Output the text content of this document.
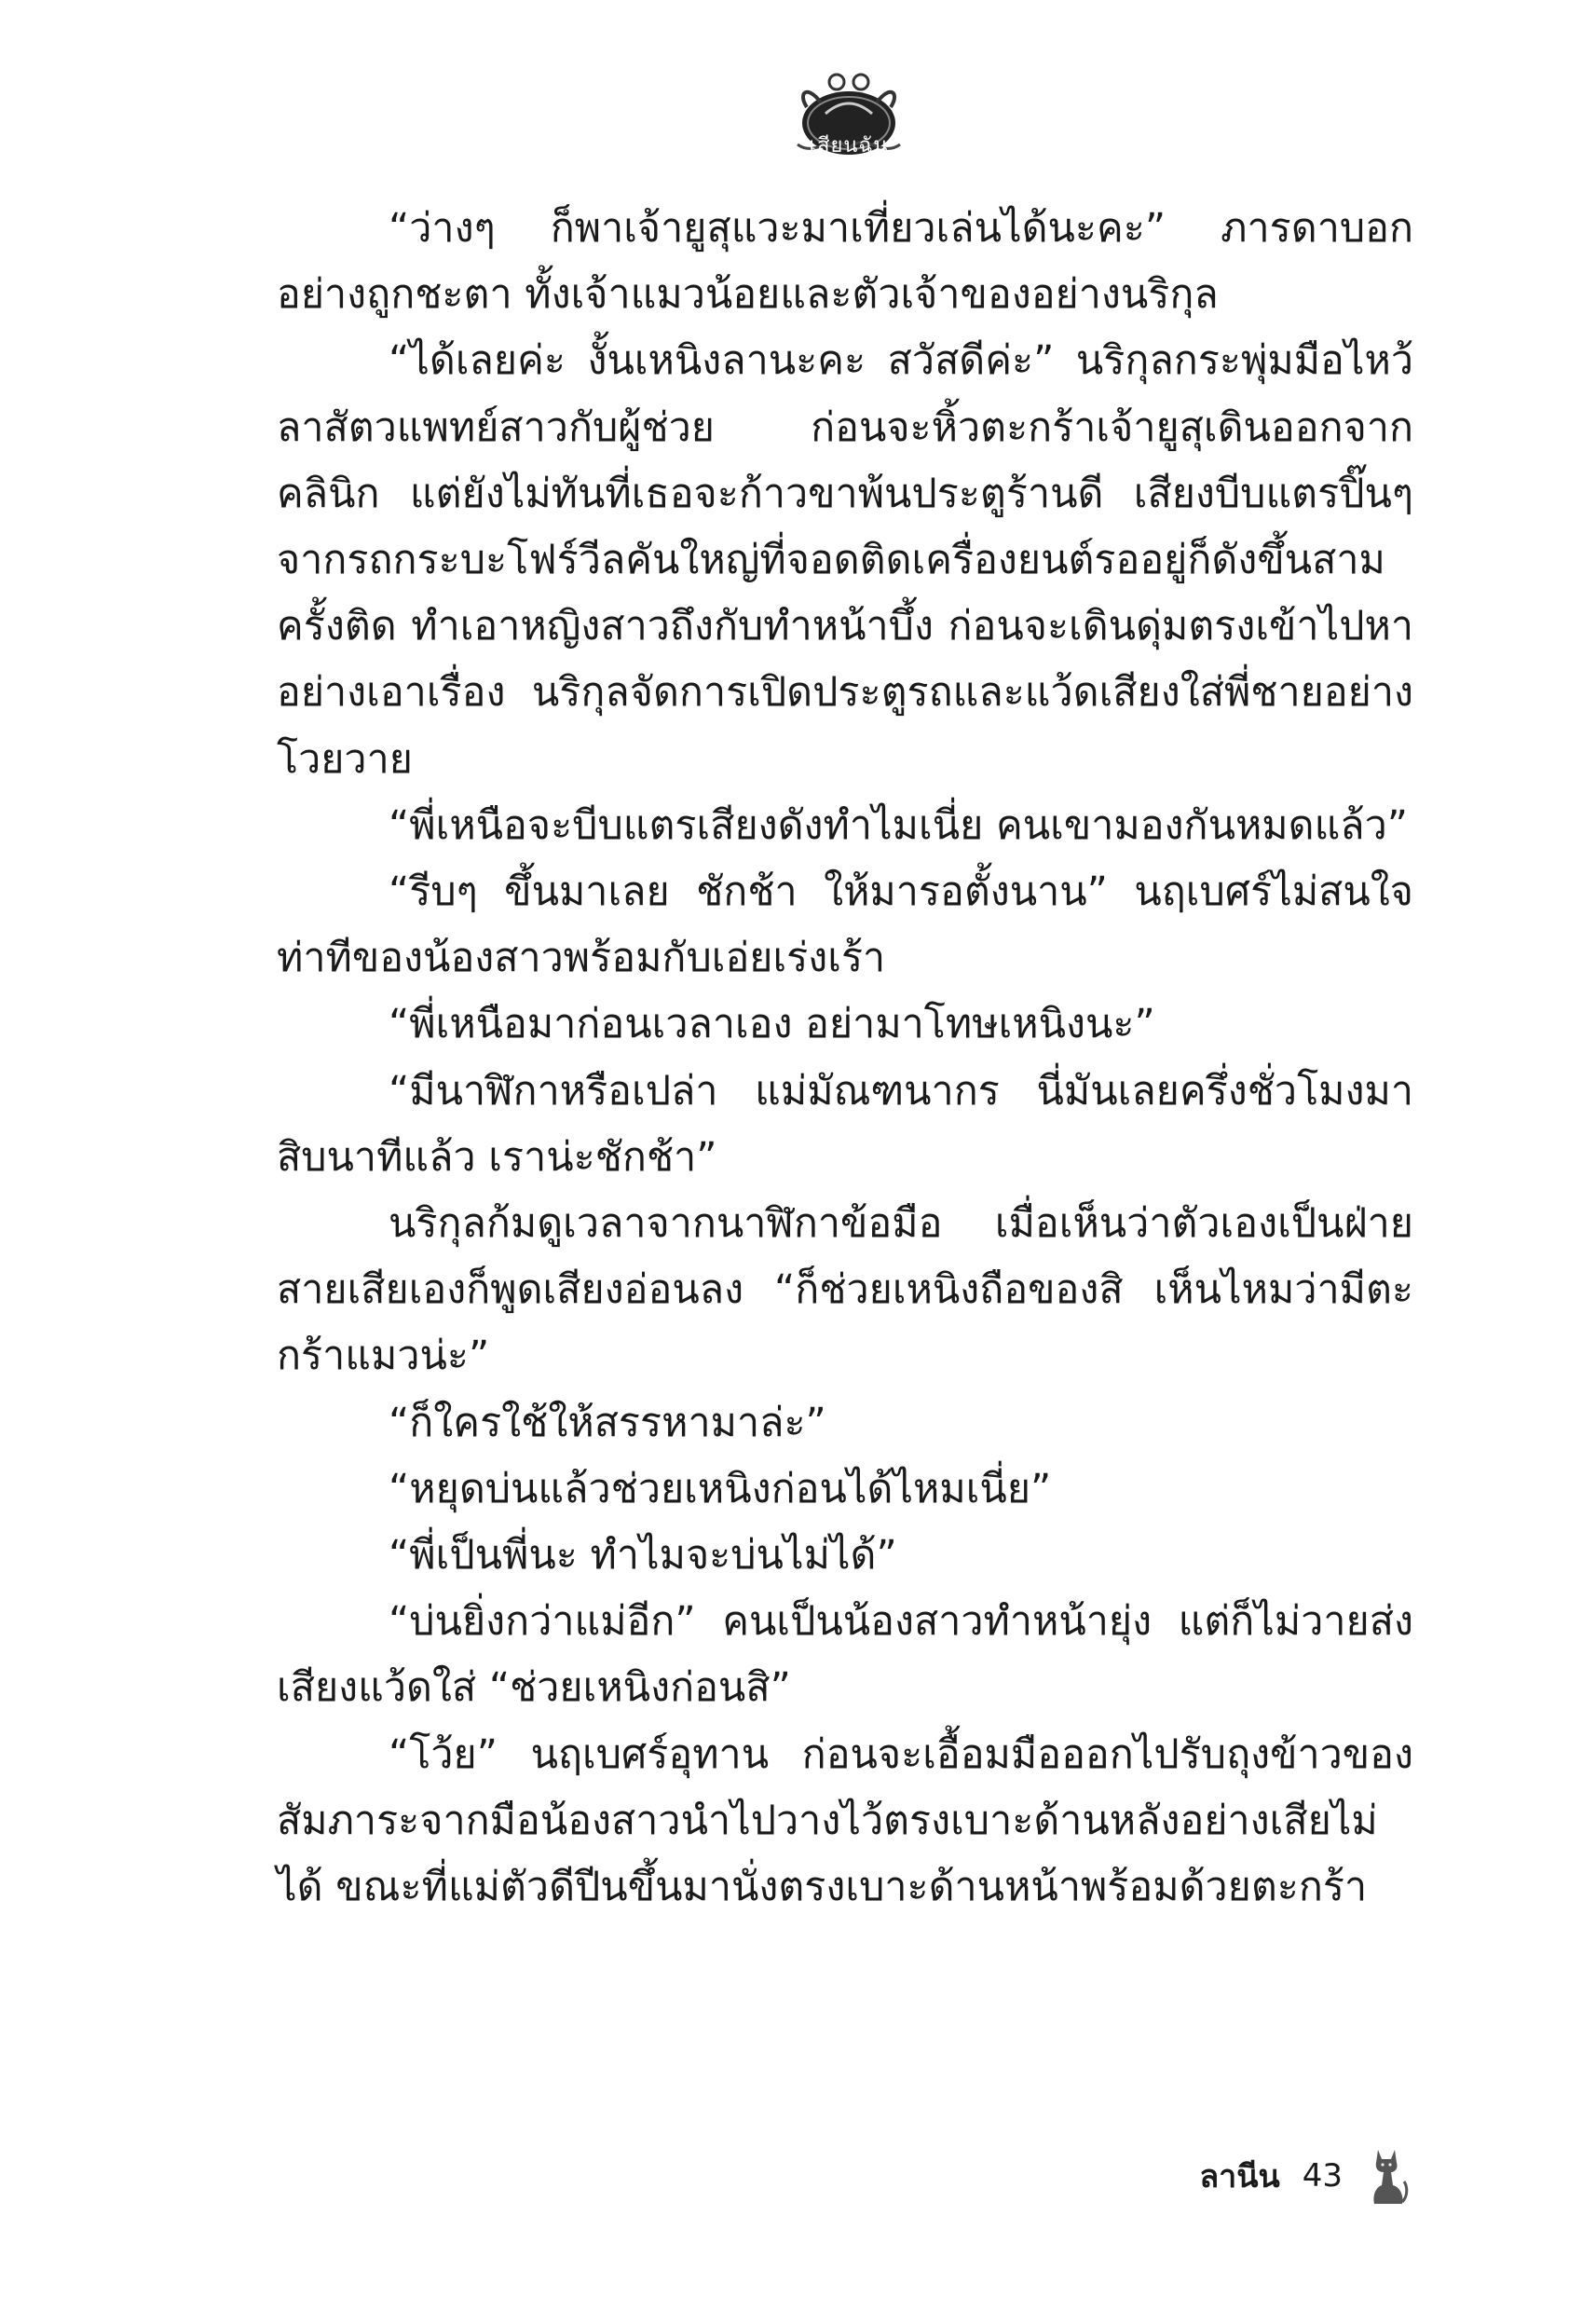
เสียนฉัน

“ว่างๆ ก็พาเจ้ายูสุแวะมาเที่ยวเล่นได้นะคะ” ภารดาบอกอย่างถูกชะตา ทั้งเจ้าแมวน้อยและตัวเจ้าของอย่างนริกุล

“ได้เลยค่ะ งั้นเหนิงลานะคะ สวัสดีค่ะ” นริกุลกระพุ่มมือไหว้ลาสัตวแพทย์สาวกับผู้ช่วย ก่อนจะหิ้วตะกร้าเจ้ายูสุเดินออกจากคลินิก แต่ยังไม่ทันที่เธอจะก้าวขาพ้นประตูร้านดี เสียงบีบแตรปิ๊นๆ จากรถกระบะโฟร์วีลคันใหญ่ที่จอดติดเครื่องยนต์รออยู่ก็ดังขึ้นสามครั้งติด ทำเอาหญิงสาวถึงกับทำหน้าบึ้ง ก่อนจะเดินดุ่มตรงเข้าไปหาอย่างเอาเรื่อง นริกุลจัดการเปิดประตูรถและแว้ดเสียงใส่พี่ชายอย่างโวยวาย

“พี่เหนือจะบีบแตรเสียงดังทำไมเนี่ย คนเขามองกันหมดแล้ว”

“รีบๆ ขึ้นมาเลย ชักช้า ให้มารอตั้งนาน” นฤเบศร์ไม่สนใจท่าทีของน้องสาวพร้อมกับเอ่ยเร่งเร้า

“พี่เหนือมาก่อนเวลาเอง อย่ามาโทษเหนิงนะ”

“มีนาฬิกาหรือเปล่า แม่มัณฑนากร นี่มันเลยครึ่งชั่วโมงมาสิบนาทีแล้ว เราน่ะชักช้า”

นริกุลก้มดูเวลาจากนาฬิกาข้อมือ เมื่อเห็นว่าตัวเองเป็นฝ่ายสายเสียเองก็พูดเสียงอ่อนลง “ก็ช่วยเหนิงถือของสิ เห็นไหมว่ามีตะกร้าแมวน่ะ”

“ก็ใครใช้ให้สรรหามาล่ะ”

“หยุดบ่นแล้วช่วยเหนิงก่อนได้ไหมเนี่ย”

“พี่เป็นพี่นะ ทำไมจะบ่นไม่ได้”

“บ่นยิ่งกว่าแม่อีก” คนเป็นน้องสาวทำหน้ายุ่ง แต่ก็ไม่วายส่งเสียงแว้ดใส่ “ช่วยเหนิงก่อนสิ”

“โว้ย” นฤเบศร์อุทาน ก่อนจะเอื้อมมือออกไปรับถุงข้าวของสัมภาระจากมือน้องสาวนำไปวางไว้ตรงเบาะด้านหลังอย่างเสียไม่ได้ ขณะที่แม่ตัวดีปีนขึ้นมานั่งตรงเบาะด้านหน้าพร้อมด้วยตะกร้า

ลานีน 43
